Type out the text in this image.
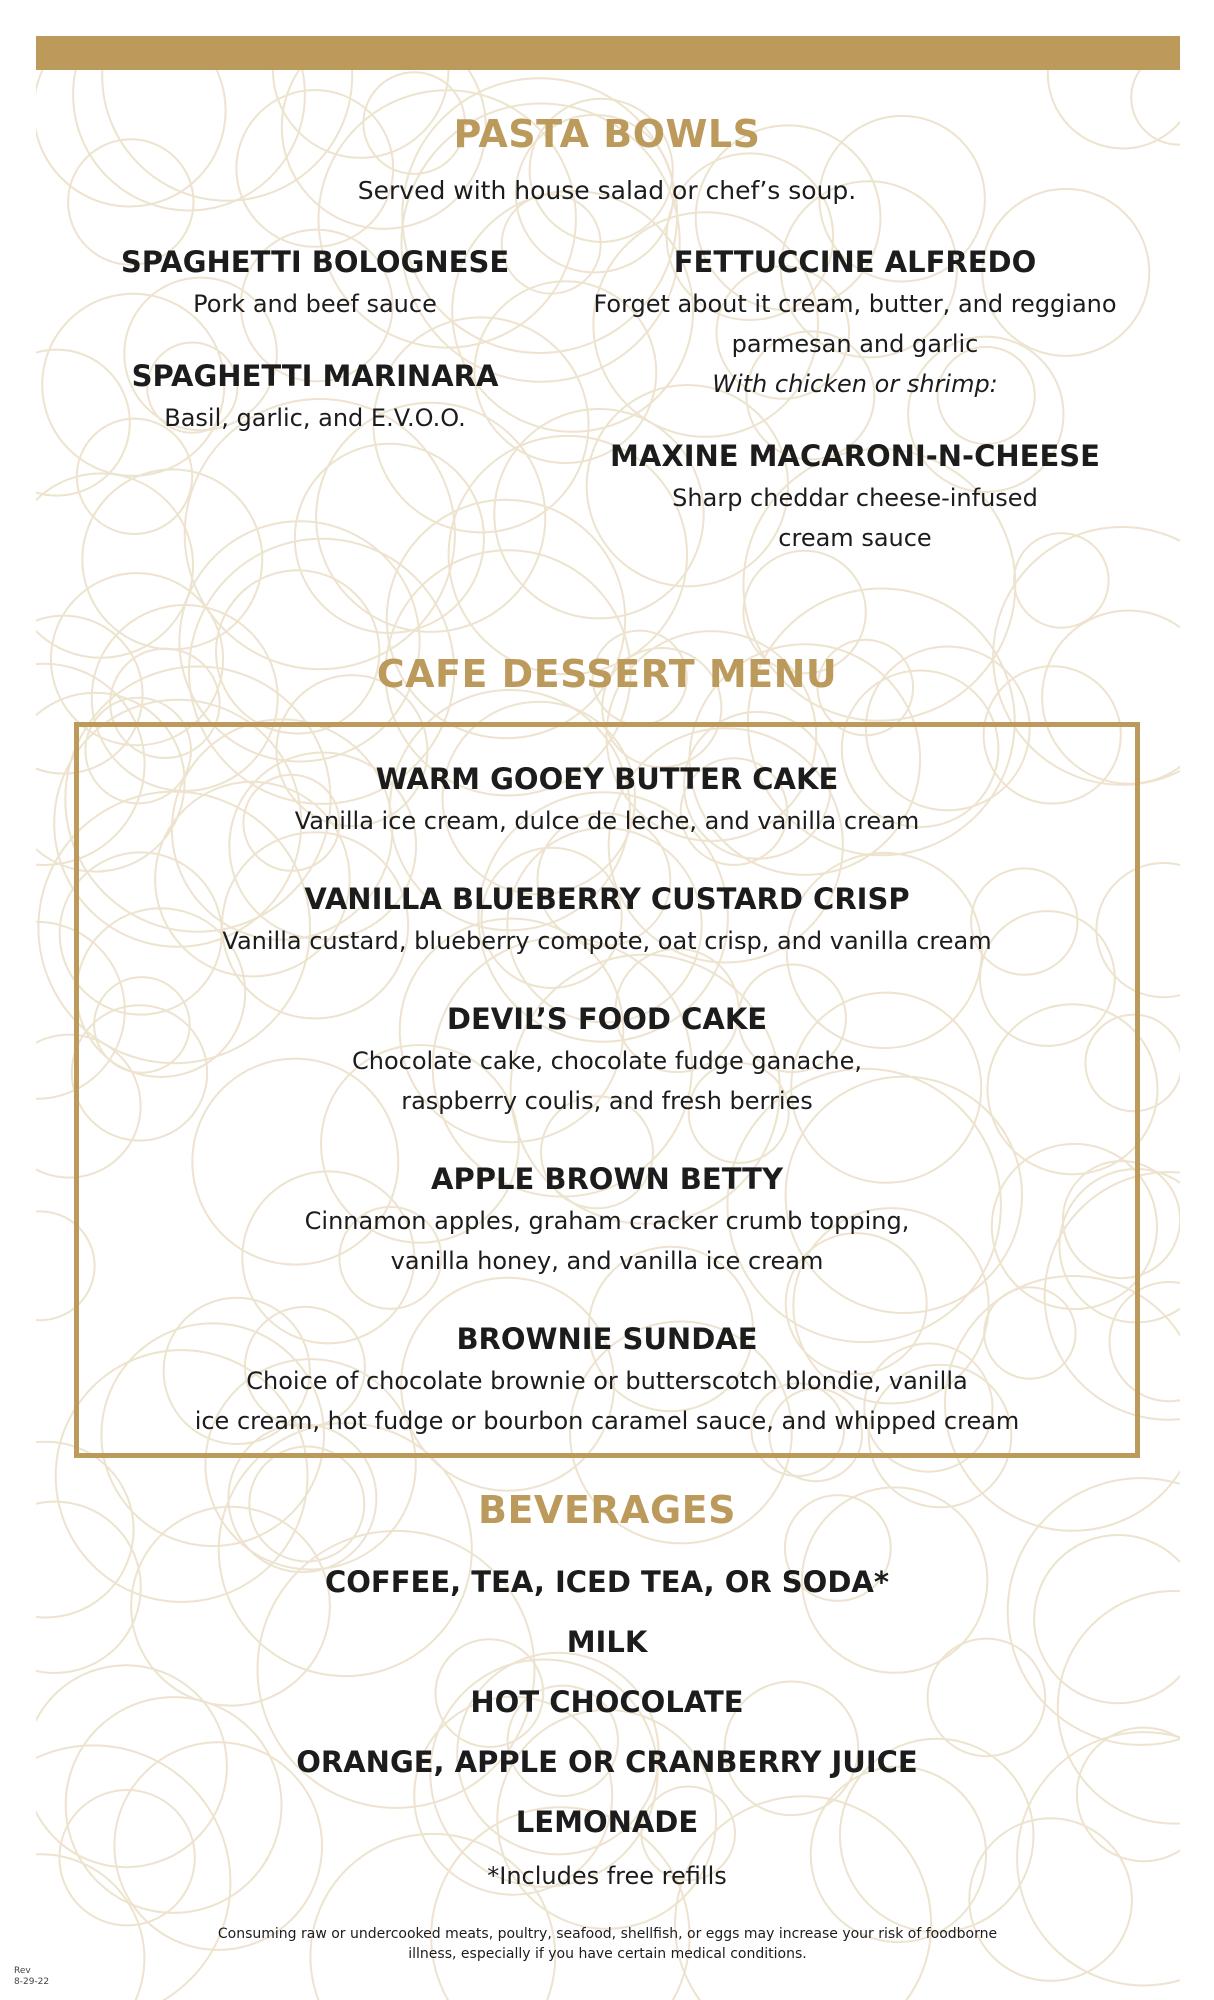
PASTA BOWLS
Served with house salad or chef’s soup.
SPAGHETTI BOLOGNESE
Pork and beef sauce
SPAGHETTI MARINARA
Basil, garlic, and E.V.O.O.
FETTUCCINE ALFREDO
Forget about it cream, butter, and reggiano
parmesan and garlic
With chicken or shrimp:
MAXINE MACARONI-N-CHEESE
Sharp cheddar cheese-infused
cream sauce
CAFE DESSERT MENU
WARM GOOEY BUTTER CAKE
Vanilla ice cream, dulce de leche, and vanilla cream
VANILLA BLUEBERRY CUSTARD CRISP
Vanilla custard, blueberry compote, oat crisp, and vanilla cream
DEVIL’S FOOD CAKE
Chocolate cake, chocolate fudge ganache,
raspberry coulis, and fresh berries
APPLE BROWN BETTY
Cinnamon apples, graham cracker crumb topping,
vanilla honey, and vanilla ice cream
BROWNIE SUNDAE
Choice of chocolate brownie or butterscotch blondie, vanilla
ice cream, hot fudge or bourbon caramel sauce, and whipped cream
BEVERAGES
COFFEE, TEA, ICED TEA, OR SODA*
MILK
HOT CHOCOLATE
ORANGE, APPLE OR CRANBERRY JUICE
LEMONADE
*Includes free refills
Consuming raw or undercooked meats, poultry, seafood, shellfish, or eggs may increase your risk of foodborne illness, especially if you have certain medical conditions.
Rev
8-29-22
